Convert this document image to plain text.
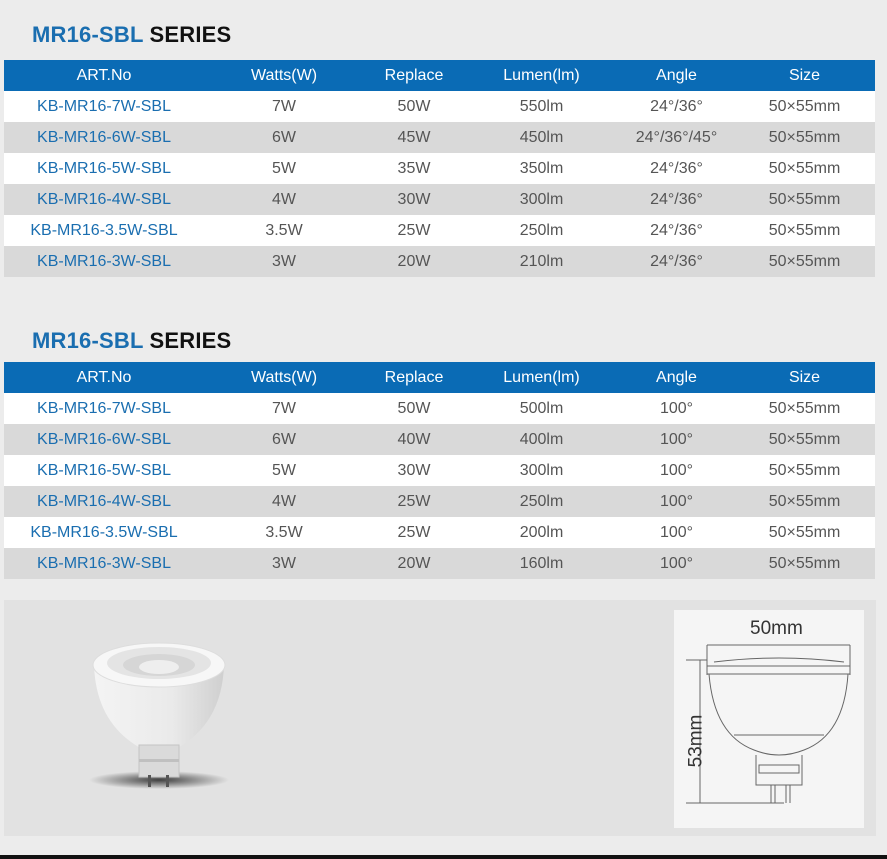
MR16-SBL SERIES
ART.No	Watts(W)	Replace	Lumen(lm)	Angle	Size
KB-MR16-7W-SBL	7W	50W	550lm	24°/36°	50×55mm
KB-MR16-6W-SBL	6W	45W	450lm	24°/36°/45°	50×55mm
KB-MR16-5W-SBL	5W	35W	350lm	24°/36°	50×55mm
KB-MR16-4W-SBL	4W	30W	300lm	24°/36°	50×55mm
KB-MR16-3.5W-SBL	3.5W	25W	250lm	24°/36°	50×55mm
KB-MR16-3W-SBL	3W	20W	210lm	24°/36°	50×55mm
MR16-SBL SERIES
ART.No	Watts(W)	Replace	Lumen(lm)	Angle	Size
KB-MR16-7W-SBL	7W	50W	500lm	100°	50×55mm
KB-MR16-6W-SBL	6W	40W	400lm	100°	50×55mm
KB-MR16-5W-SBL	5W	30W	300lm	100°	50×55mm
KB-MR16-4W-SBL	4W	25W	250lm	100°	50×55mm
KB-MR16-3.5W-SBL	3.5W	25W	200lm	100°	50×55mm
KB-MR16-3W-SBL	3W	20W	160lm	100°	50×55mm
50mm
53mm
